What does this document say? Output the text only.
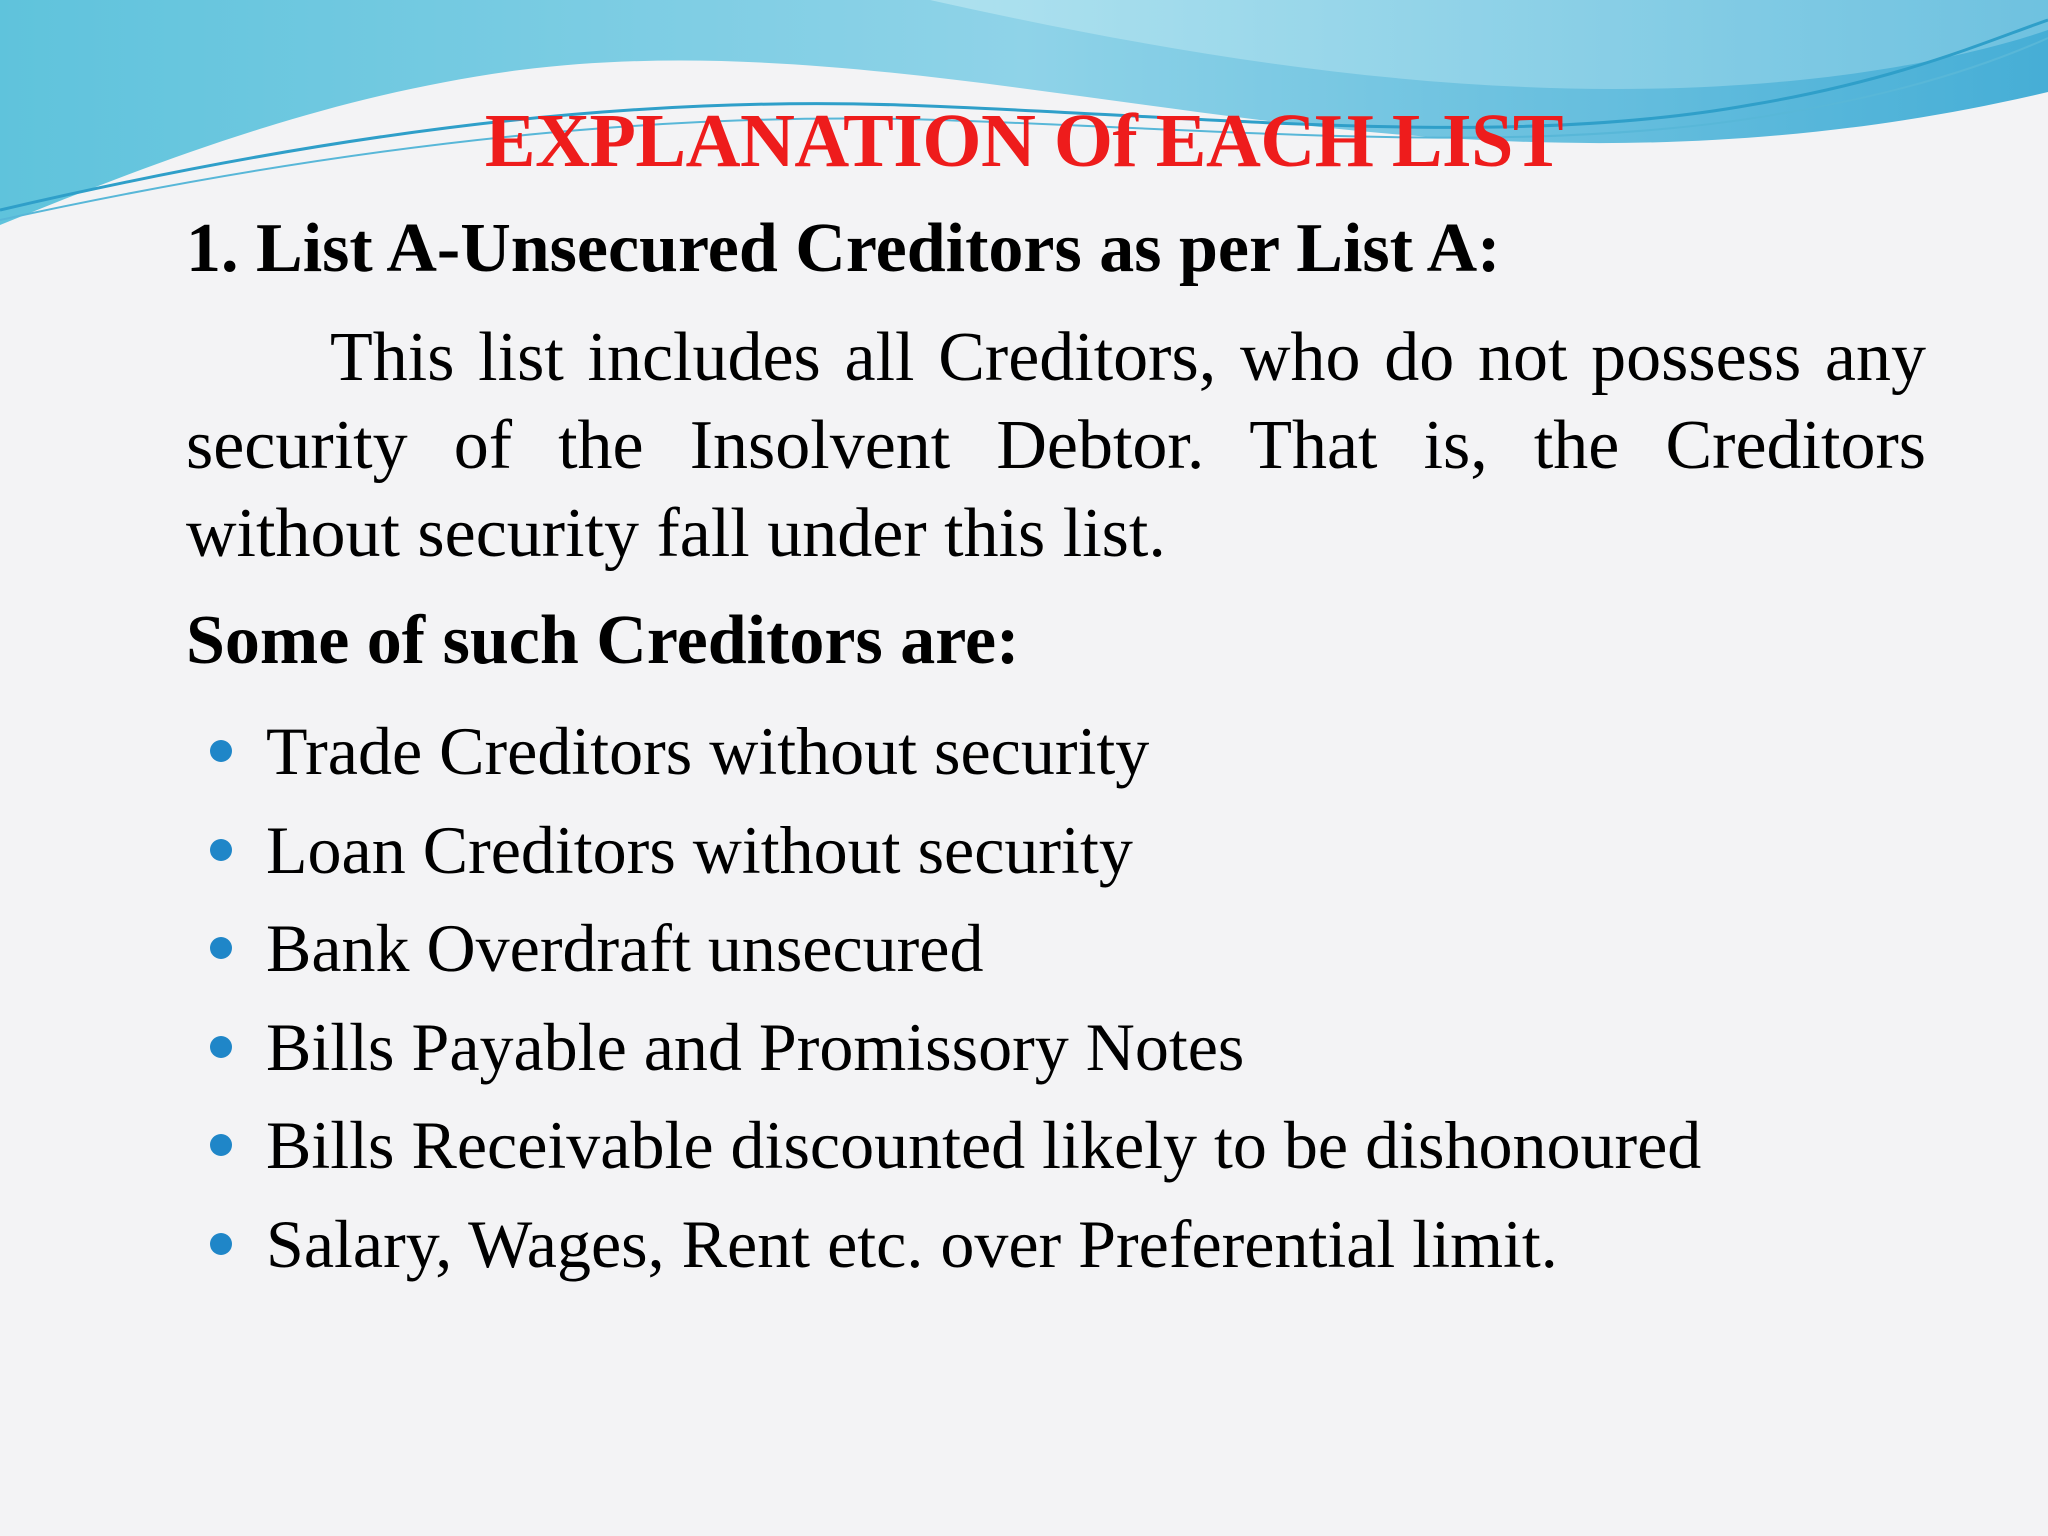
EXPLANATION Of EACH LIST

1. List A-Unsecured Creditors as per List A:

This list includes all Creditors, who do not possess any security of the Insolvent Debtor. That is, the Creditors without security fall under this list.

Some of such Creditors are:

Trade Creditors without security
Loan Creditors without security
Bank Overdraft unsecured
Bills Payable and Promissory Notes
Bills Receivable discounted likely to be dishonoured
Salary, Wages, Rent etc. over Preferential limit.
